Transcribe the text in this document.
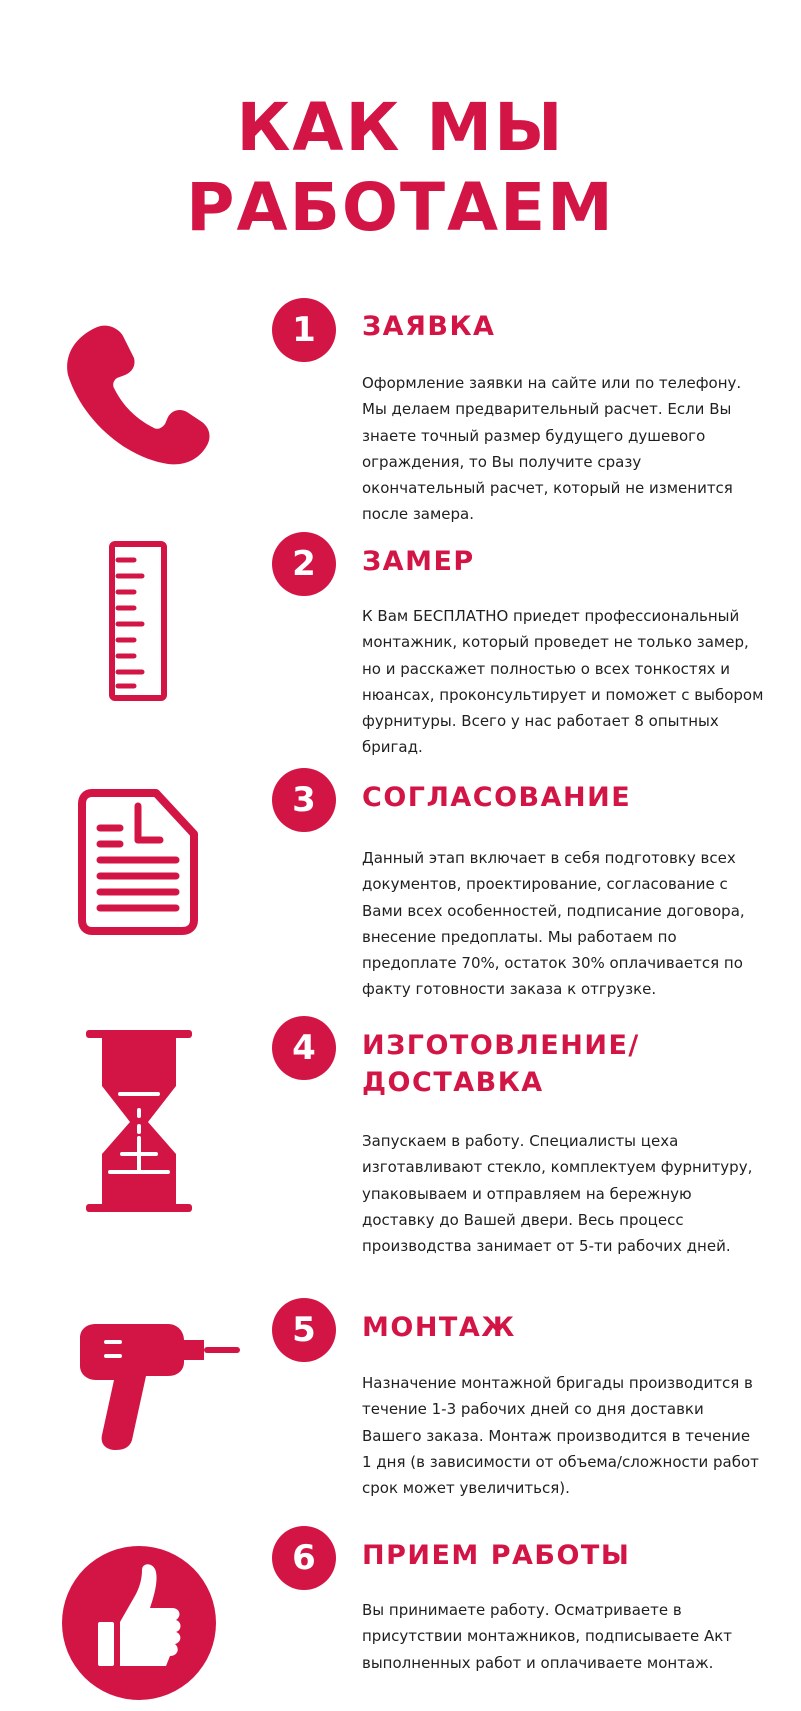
КАК МЫ
РАБОТАЕМ
1	ЗАЯВКА

Оформление заявки на сайте или по телефону. Мы делаем предварительный расчет. Если Вы знаете точный размер будущего душевого ограждения, то Вы получите сразу окончательный расчет, который не изменится после замера.

2	ЗАМЕР

К Вам БЕСПЛАТНО приедет профессиональный монтажник, который проведет не только замер, но и расскажет полностью о всех тонкостях и нюансах, проконсультирует и поможет с выбором фурнитуры. Всего у нас работает 8 опытных бригад.

3	СОГЛАСОВАНИЕ

Данный этап включает в себя подготовку всех документов, проектирование, согласование с Вами всех особенностей, подписание договора, внесение предоплаты. Мы работаем по предоплате 70%, остаток 30% оплачивается по факту готовности заказа к отгрузке.

4	ИЗГОТОВЛЕНИЕ/ ДОСТАВКА

Запускаем в работу. Специалисты цеха изготавливают стекло, комплектуем фурнитуру, упаковываем и отправляем на бережную доставку до Вашей двери. Весь процесс производства занимает от 5-ти рабочих дней.

5	МОНТАЖ

Назначение монтажной бригады производится в течение 1-3 рабочих дней со дня доставки Вашего заказа. Монтаж производится в течение 1 дня (в зависимости от объема/сложности работ срок может увеличиться).

6	ПРИЕМ РАБОТЫ

Вы принимаете работу. Осматриваете в присутствии монтажников, подписываете Акт выполненных работ и оплачиваете монтаж.
